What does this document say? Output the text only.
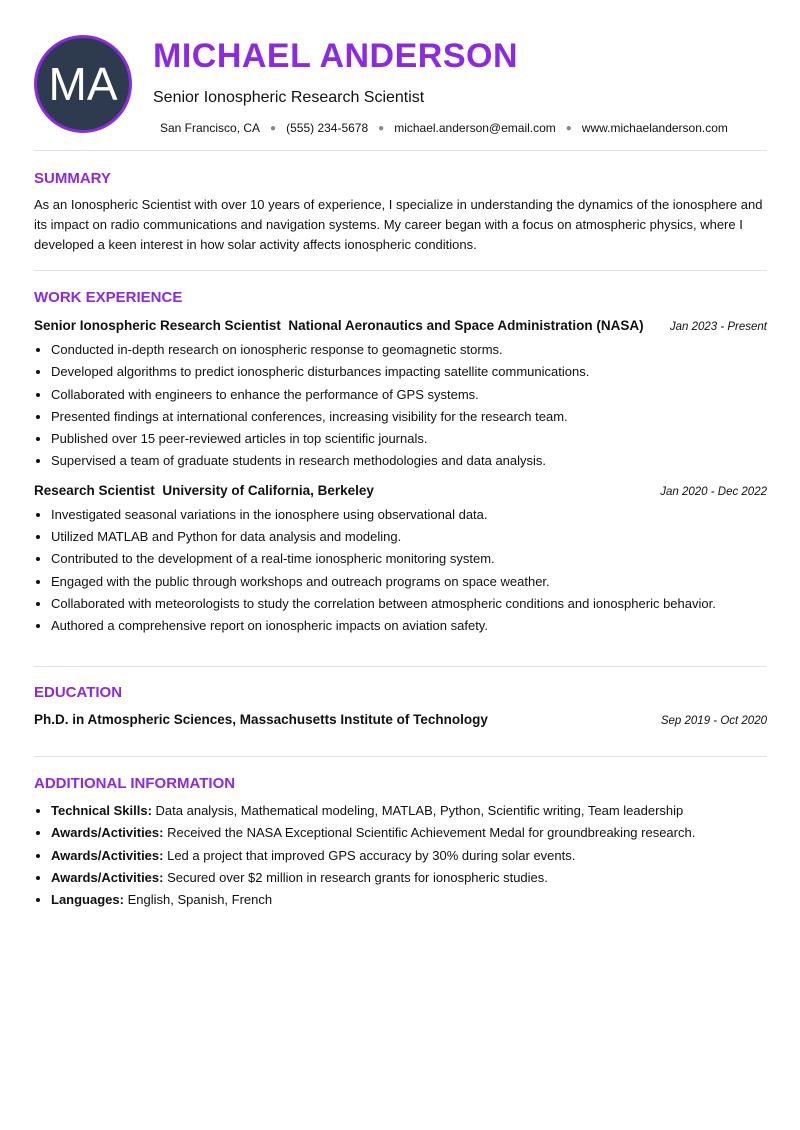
MA
MICHAEL ANDERSON
Senior Ionospheric Research Scientist
San Francisco, CA ● (555) 234-5678 ● michael.anderson@email.com ● www.michaelanderson.com
SUMMARY

As an Ionospheric Scientist with over 10 years of experience, I specialize in understanding the dynamics of the ionosphere and its impact on radio communications and navigation systems. My career began with a focus on atmospheric physics, where I developed a keen interest in how solar activity affects ionospheric conditions.

WORK EXPERIENCE
Senior Ionospheric Research Scientist National Aeronautics and Space Administration (NASA) Jan 2023 - Present
• Conducted in-depth research on ionospheric response to geomagnetic storms.
• Developed algorithms to predict ionospheric disturbances impacting satellite communications.
• Collaborated with engineers to enhance the performance of GPS systems.
• Presented findings at international conferences, increasing visibility for the research team.
• Published over 15 peer-reviewed articles in top scientific journals.
• Supervised a team of graduate students in research methodologies and data analysis.
Research Scientist University of California, Berkeley	Jan 2020 - Dec 2022
• Investigated seasonal variations in the ionosphere using observational data.
• Utilized MATLAB and Python for data analysis and modeling.
• Contributed to the development of a real-time ionospheric monitoring system.
• Engaged with the public through workshops and outreach programs on space weather.
• Collaborated with meteorologists to study the correlation between atmospheric conditions and ionospheric behavior.
• Authored a comprehensive report on ionospheric impacts on aviation safety.
EDUCATION
Ph.D. in Atmospheric Sciences, Massachusetts Institute of Technology	Sep 2019 - Oct 2020
ADDITIONAL INFORMATION
• Technical Skills: Data analysis, Mathematical modeling, MATLAB, Python, Scientific writing, Team leadership
• Awards/Activities: Received the NASA Exceptional Scientific Achievement Medal for groundbreaking research.
• Awards/Activities: Led a project that improved GPS accuracy by 30% during solar events.
• Awards/Activities: Secured over $2 million in research grants for ionospheric studies.
• Languages: English, Spanish, French
